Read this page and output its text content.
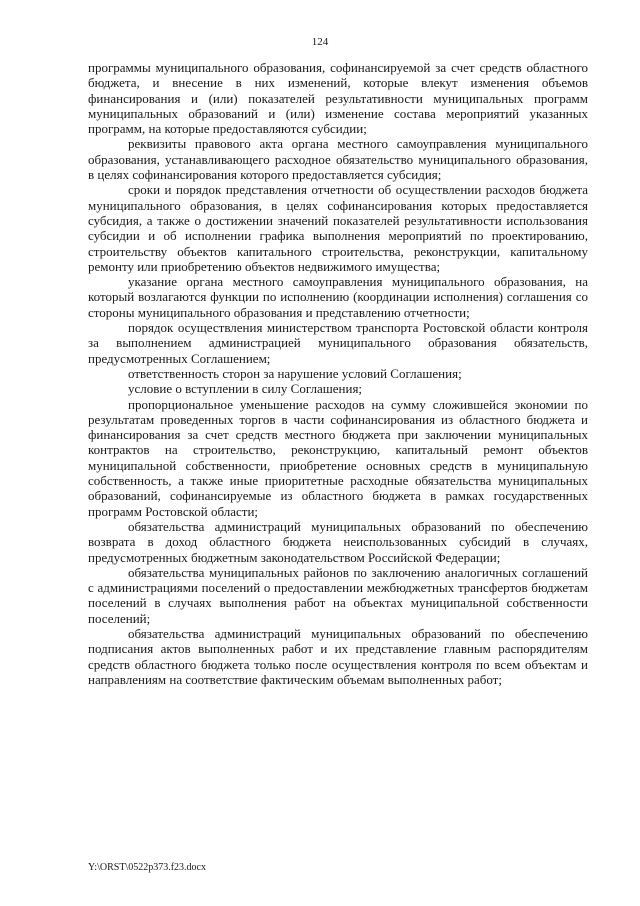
124

программы муниципального образования, софинансируемой за счет средств областного бюджета, и внесение в них изменений, которые влекут изменения объемов финансирования и (или) показателей результативности муниципальных программ муниципальных образований и (или) изменение состава мероприятий указанных программ, на которые предоставляются субсидии;

реквизиты правового акта органа местного самоуправления муниципального образования, устанавливающего расходное обязательство муниципального образования, в целях софинансирования которого предоставляется субсидия;

сроки и порядок представления отчетности об осуществлении расходов бюджета муниципального образования, в целях софинансирования которых предоставляется субсидия, а также о достижении значений показателей результативности использования субсидии и об исполнении графика выполнения мероприятий по проектированию, строительству объектов капитального строительства, реконструкции, капитальному ремонту или приобретению объектов недвижимого имущества;

указание органа местного самоуправления муниципального образования, на который возлагаются функции по исполнению (координации исполнения) соглашения со стороны муниципального образования и представлению отчетности;

порядок осуществления министерством транспорта Ростовской области контроля за выполнением администрацией муниципального образования обязательств, предусмотренных Соглашением;

ответственность сторон за нарушение условий Соглашения;

условие о вступлении в силу Соглашения;

пропорциональное уменьшение расходов на сумму сложившейся экономии по результатам проведенных торгов в части софинансирования из областного бюджета и финансирования за счет средств местного бюджета при заключении муниципальных контрактов на строительство, реконструкцию, капитальный ремонт объектов муниципальной собственности, приобретение основных средств в муниципальную собственность, а также иные приоритетные расходные обязательства муниципальных образований, софинансируемые из областного бюджета в рамках государственных программ Ростовской области;

обязательства администраций муниципальных образований по обеспечению возврата в доход областного бюджета неиспользованных субсидий в случаях, предусмотренных бюджетным законодательством Российской Федерации;

обязательства муниципальных районов по заключению аналогичных соглашений с администрациями поселений о предоставлении межбюджетных трансфертов бюджетам поселений в случаях выполнения работ на объектах муниципальной собственности поселений;

обязательства администраций муниципальных образований по обеспечению подписания актов выполненных работ и их представление главным распорядителям средств областного бюджета только после осуществления контроля по всем объектам и направлениям на соответствие фактическим объемам выполненных работ;

Y:\ORST\0522p373.f23.docx
